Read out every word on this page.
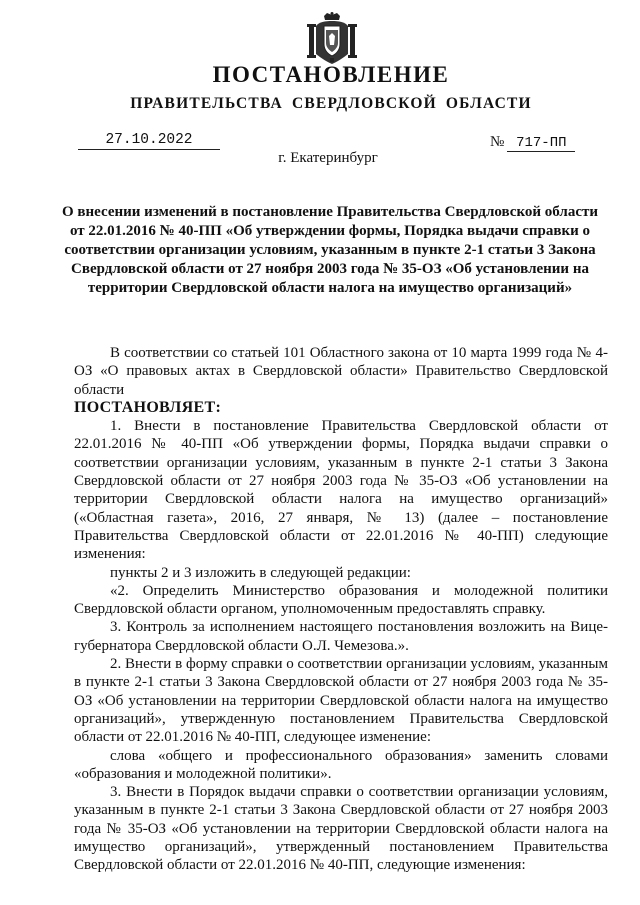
ПОСТАНОВЛЕНИЕ
ПРАВИТЕЛЬСТВА СВЕРДЛОВСКОЙ ОБЛАСТИ
27.10.2022	№ 717-ПП
г. Екатеринбург
О внесении изменений в постановление Правительства Свердловской области от 22.01.2016 № 40-ПП «Об утверждении формы, Порядка выдачи справки о соответствии организации условиям, указанным в пункте 2-1 статьи 3 Закона Свердловской области от 27 ноября 2003 года № 35-ОЗ «Об установлении на территории Свердловской области налога на имущество организаций»

В соответствии со статьей 101 Областного закона от 10 марта 1999 года № 4-ОЗ «О правовых актах в Свердловской области» Правительство Свердловской области

ПОСТАНОВЛЯЕТ:

1. Внести в постановление Правительства Свердловской области от 22.01.2016 № 40-ПП «Об утверждении формы, Порядка выдачи справки о соответствии организации условиям, указанным в пункте 2-1 статьи 3 Закона Свердловской области от 27 ноября 2003 года № 35-ОЗ «Об установлении на территории Свердловской области налога на имущество организаций» («Областная газета», 2016, 27 января, № 13) (далее – постановление Правительства Свердловской области от 22.01.2016 № 40-ПП) следующие изменения:

пункты 2 и 3 изложить в следующей редакции:

«2. Определить Министерство образования и молодежной политики Свердловской области органом, уполномоченным предоставлять справку.

3. Контроль за исполнением настоящего постановления возложить на Вице-губернатора Свердловской области О.Л. Чемезова.».

2. Внести в форму справки о соответствии организации условиям, указанным в пункте 2-1 статьи 3 Закона Свердловской области от 27 ноября 2003 года № 35-ОЗ «Об установлении на территории Свердловской области налога на имущество организаций», утвержденную постановлением Правительства Свердловской области от 22.01.2016 № 40-ПП, следующее изменение:

слова «общего и профессионального образования» заменить словами «образования и молодежной политики».

3. Внести в Порядок выдачи справки о соответствии организации условиям, указанным в пункте 2-1 статьи 3 Закона Свердловской области от 27 ноября 2003 года № 35-ОЗ «Об установлении на территории Свердловской области налога на имущество организаций», утвержденный постановлением Правительства Свердловской области от 22.01.2016 № 40-ПП, следующие изменения:
